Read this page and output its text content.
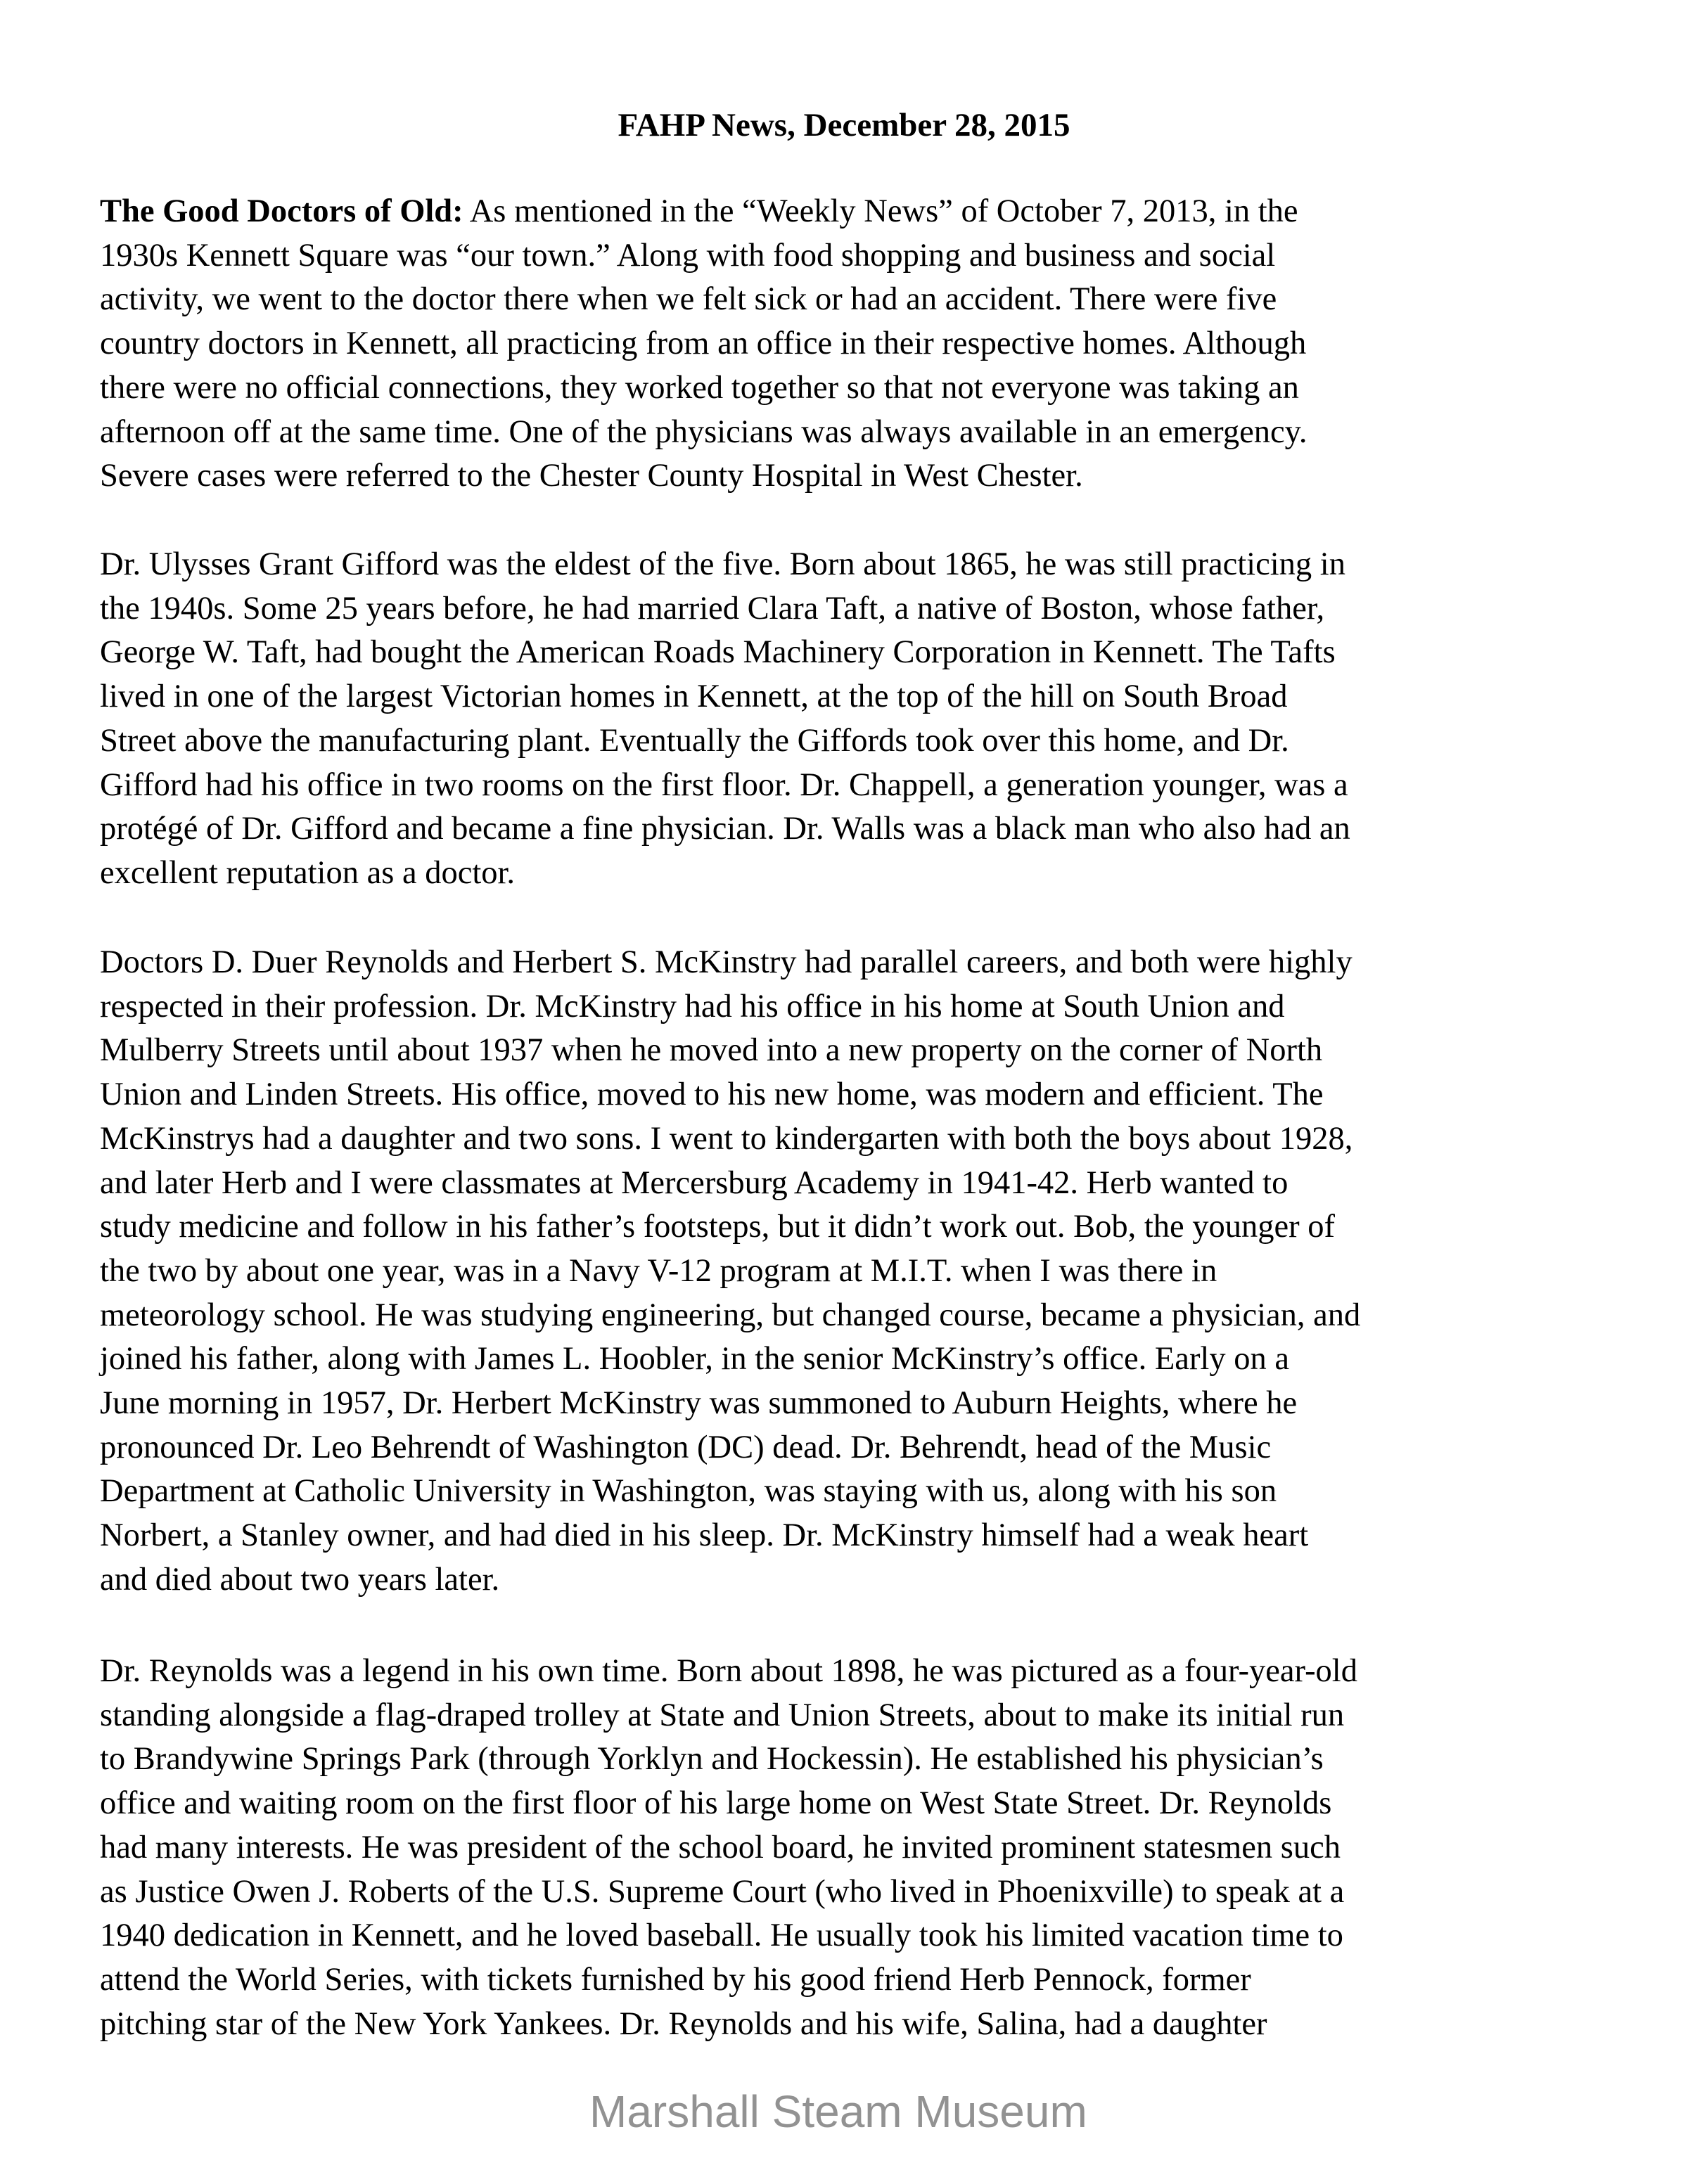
FAHP News, December 28, 2015
The Good Doctors of Old: As mentioned in the “Weekly News” of October 7, 2013, in the
1930s Kennett Square was “our town.” Along with food shopping and business and social
activity, we went to the doctor there when we felt sick or had an accident. There were five
country doctors in Kennett, all practicing from an office in their respective homes. Although
there were no official connections, they worked together so that not everyone was taking an
afternoon off at the same time. One of the physicians was always available in an emergency.
Severe cases were referred to the Chester County Hospital in West Chester.
Dr. Ulysses Grant Gifford was the eldest of the five. Born about 1865, he was still practicing in
the 1940s. Some 25 years before, he had married Clara Taft, a native of Boston, whose father,
George W. Taft, had bought the American Roads Machinery Corporation in Kennett. The Tafts
lived in one of the largest Victorian homes in Kennett, at the top of the hill on South Broad
Street above the manufacturing plant. Eventually the Giffords took over this home, and Dr.
Gifford had his office in two rooms on the first floor. Dr. Chappell, a generation younger, was a
protégé of Dr. Gifford and became a fine physician. Dr. Walls was a black man who also had an
excellent reputation as a doctor.
Doctors D. Duer Reynolds and Herbert S. McKinstry had parallel careers, and both were highly
respected in their profession. Dr. McKinstry had his office in his home at South Union and
Mulberry Streets until about 1937 when he moved into a new property on the corner of North
Union and Linden Streets. His office, moved to his new home, was modern and efficient. The
McKinstrys had a daughter and two sons. I went to kindergarten with both the boys about 1928,
and later Herb and I were classmates at Mercersburg Academy in 1941-42. Herb wanted to
study medicine and follow in his father’s footsteps, but it didn’t work out. Bob, the younger of
the two by about one year, was in a Navy V-12 program at M.I.T. when I was there in
meteorology school. He was studying engineering, but changed course, became a physician, and
joined his father, along with James L. Hoobler, in the senior McKinstry’s office. Early on a
June morning in 1957, Dr. Herbert McKinstry was summoned to Auburn Heights, where he
pronounced Dr. Leo Behrendt of Washington (DC) dead. Dr. Behrendt, head of the Music
Department at Catholic University in Washington, was staying with us, along with his son
Norbert, a Stanley owner, and had died in his sleep. Dr. McKinstry himself had a weak heart
and died about two years later.
Dr. Reynolds was a legend in his own time. Born about 1898, he was pictured as a four-year-old
standing alongside a flag-draped trolley at State and Union Streets, about to make its initial run
to Brandywine Springs Park (through Yorklyn and Hockessin). He established his physician’s
office and waiting room on the first floor of his large home on West State Street. Dr. Reynolds
had many interests. He was president of the school board, he invited prominent statesmen such
as Justice Owen J. Roberts of the U.S. Supreme Court (who lived in Phoenixville) to speak at a
1940 dedication in Kennett, and he loved baseball. He usually took his limited vacation time to
attend the World Series, with tickets furnished by his good friend Herb Pennock, former
pitching star of the New York Yankees. Dr. Reynolds and his wife, Salina, had a daughter
Marshall Steam Museum
